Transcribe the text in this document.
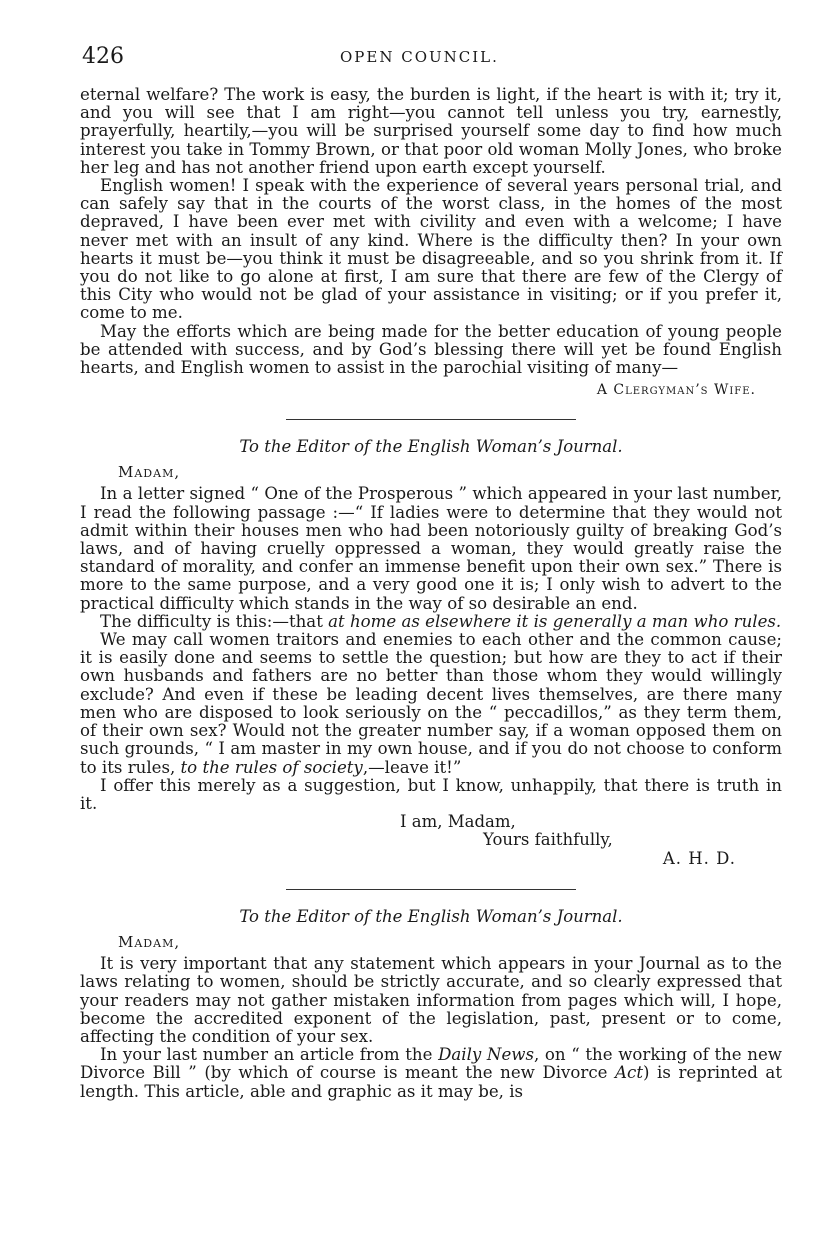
426	OPEN COUNCIL.

eternal welfare? The work is easy, the burden is light, if the heart is with it; try it, and you will see that I am right—you cannot tell unless you try, earnestly, prayerfully, heartily,—you will be surprised yourself some day to find how much interest you take in Tommy Brown, or that poor old woman Molly Jones, who broke her leg and has not another friend upon earth except yourself.

English women! I speak with the experience of several years personal trial, and can safely say that in the courts of the worst class, in the homes of the most depraved, I have been ever met with civility and even with a welcome; I have never met with an insult of any kind. Where is the difficulty then? In your own hearts it must be—you think it must be disagreeable, and so you shrink from it. If you do not like to go alone at first, I am sure that there are few of the Clergy of this City who would not be glad of your assistance in visiting; or if you prefer it, come to me.

May the efforts which are being made for the better education of young people be attended with success, and by God’s blessing there will yet be found English hearts, and English women to assist in the parochial visiting of many—

A Clergyman’s Wife.

To the Editor of the English Woman’s Journal.

Madam,

In a letter signed “ One of the Prosperous ” which appeared in your last number, I read the following passage :—“ If ladies were to determine that they would not admit within their houses men who had been notoriously guilty of breaking God’s laws, and of having cruelly oppressed a woman, they would greatly raise the standard of morality, and confer an immense benefit upon their own sex.” There is more to the same purpose, and a very good one it is; I only wish to advert to the practical difficulty which stands in the way of so desirable an end.

The difficulty is this:—that at home as elsewhere it is generally a man who rules.

We may call women traitors and enemies to each other and the common cause; it is easily done and seems to settle the question; but how are they to act if their own husbands and fathers are no better than those whom they would willingly exclude? And even if these be leading decent lives themselves, are there many men who are disposed to look seriously on the “ peccadillos,” as they term them, of their own sex? Would not the greater number say, if a woman opposed them on such grounds, “ I am master in my own house, and if you do not choose to conform to its rules, to the rules of society,—leave it!”

I offer this merely as a suggestion, but I know, unhappily, that there is truth in it.

I am, Madam,

Yours faithfully,

A. H. D.

To the Editor of the English Woman’s Journal.

Madam,

It is very important that any statement which appears in your Journal as to the laws relating to women, should be strictly accurate, and so clearly expressed that your readers may not gather mistaken information from pages which will, I hope, become the accredited exponent of the legislation, past, present or to come, affecting the condition of your sex.

In your last number an article from the Daily News, on “ the working of the new Divorce Bill ” (by which of course is meant the new Divorce Act) is reprinted at length. This article, able and graphic as it may be, is
